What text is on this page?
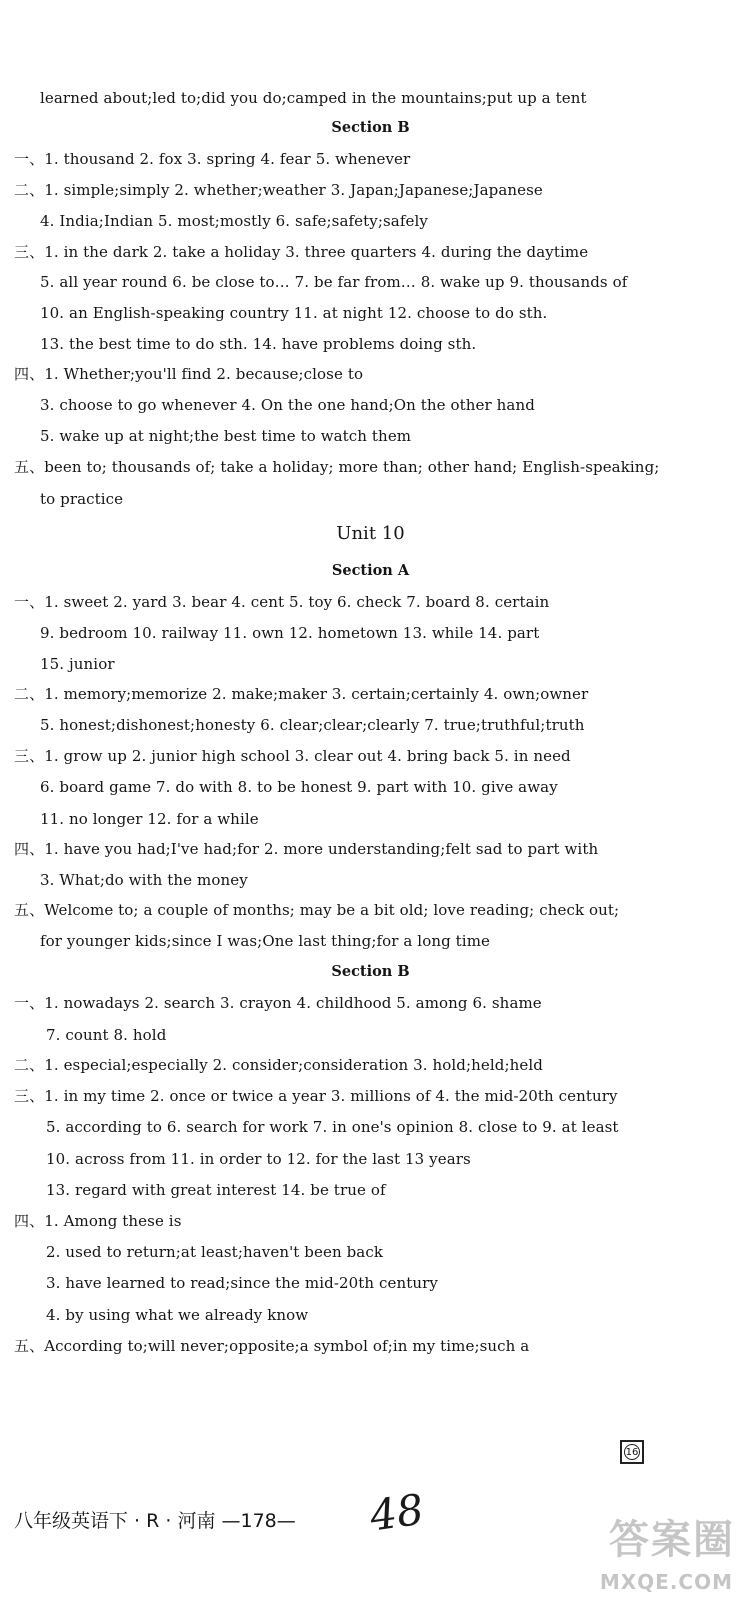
learned about;led to;did you do;camped in the mountains;put up a tent
Section B
一、1. thousand 2. fox 3. spring 4. fear 5. whenever
二、1. simple;simply 2. whether;weather 3. Japan;Japanese;Japanese
4. India;Indian 5. most;mostly 6. safe;safety;safely
三、1. in the dark 2. take a holiday 3. three quarters 4. during the daytime
5. all year round 6. be close to… 7. be far from… 8. wake up 9. thousands of
10. an English-speaking country 11. at night 12. choose to do sth.
13. the best time to do sth. 14. have problems doing sth.
四、1. Whether;you'll find 2. because;close to
3. choose to go whenever 4. On the one hand;On the other hand
5. wake up at night;the best time to watch them
五、been to; thousands of; take a holiday; more than; other hand; English-speaking;
to practice
Unit 10
Section A
一、1. sweet 2. yard 3. bear 4. cent 5. toy 6. check 7. board 8. certain
9. bedroom 10. railway 11. own 12. hometown 13. while 14. part
15. junior
二、1. memory;memorize 2. make;maker 3. certain;certainly 4. own;owner
5. honest;dishonest;honesty 6. clear;clear;clearly 7. true;truthful;truth
三、1. grow up 2. junior high school 3. clear out 4. bring back 5. in need
6. board game 7. do with 8. to be honest 9. part with 10. give away
11. no longer 12. for a while
四、1. have you had;I've had;for 2. more understanding;felt sad to part with
3. What;do with the money
五、Welcome to; a couple of months; may be a bit old; love reading; check out;
for younger kids;since I was;One last thing;for a long time
Section B
一、1. nowadays 2. search 3. crayon 4. childhood 5. among 6. shame
7. count 8. hold
二、1. especial;especially 2. consider;consideration 3. hold;held;held
三、1. in my time 2. once or twice a year 3. millions of 4. the mid-20th century
5. according to 6. search for work 7. in one's opinion 8. close to 9. at least
10. across from 11. in order to 12. for the last 13 years
13. regard with great interest 14. be true of
四、1. Among these is
2. used to return;at least;haven't been back
3. have learned to read;since the mid-20th century
4. by using what we already know
五、According to;will never;opposite;a symbol of;in my time;such a
16
八年级英语下 · R · 河南 —178— 48	答案圈
MXQE.COM
